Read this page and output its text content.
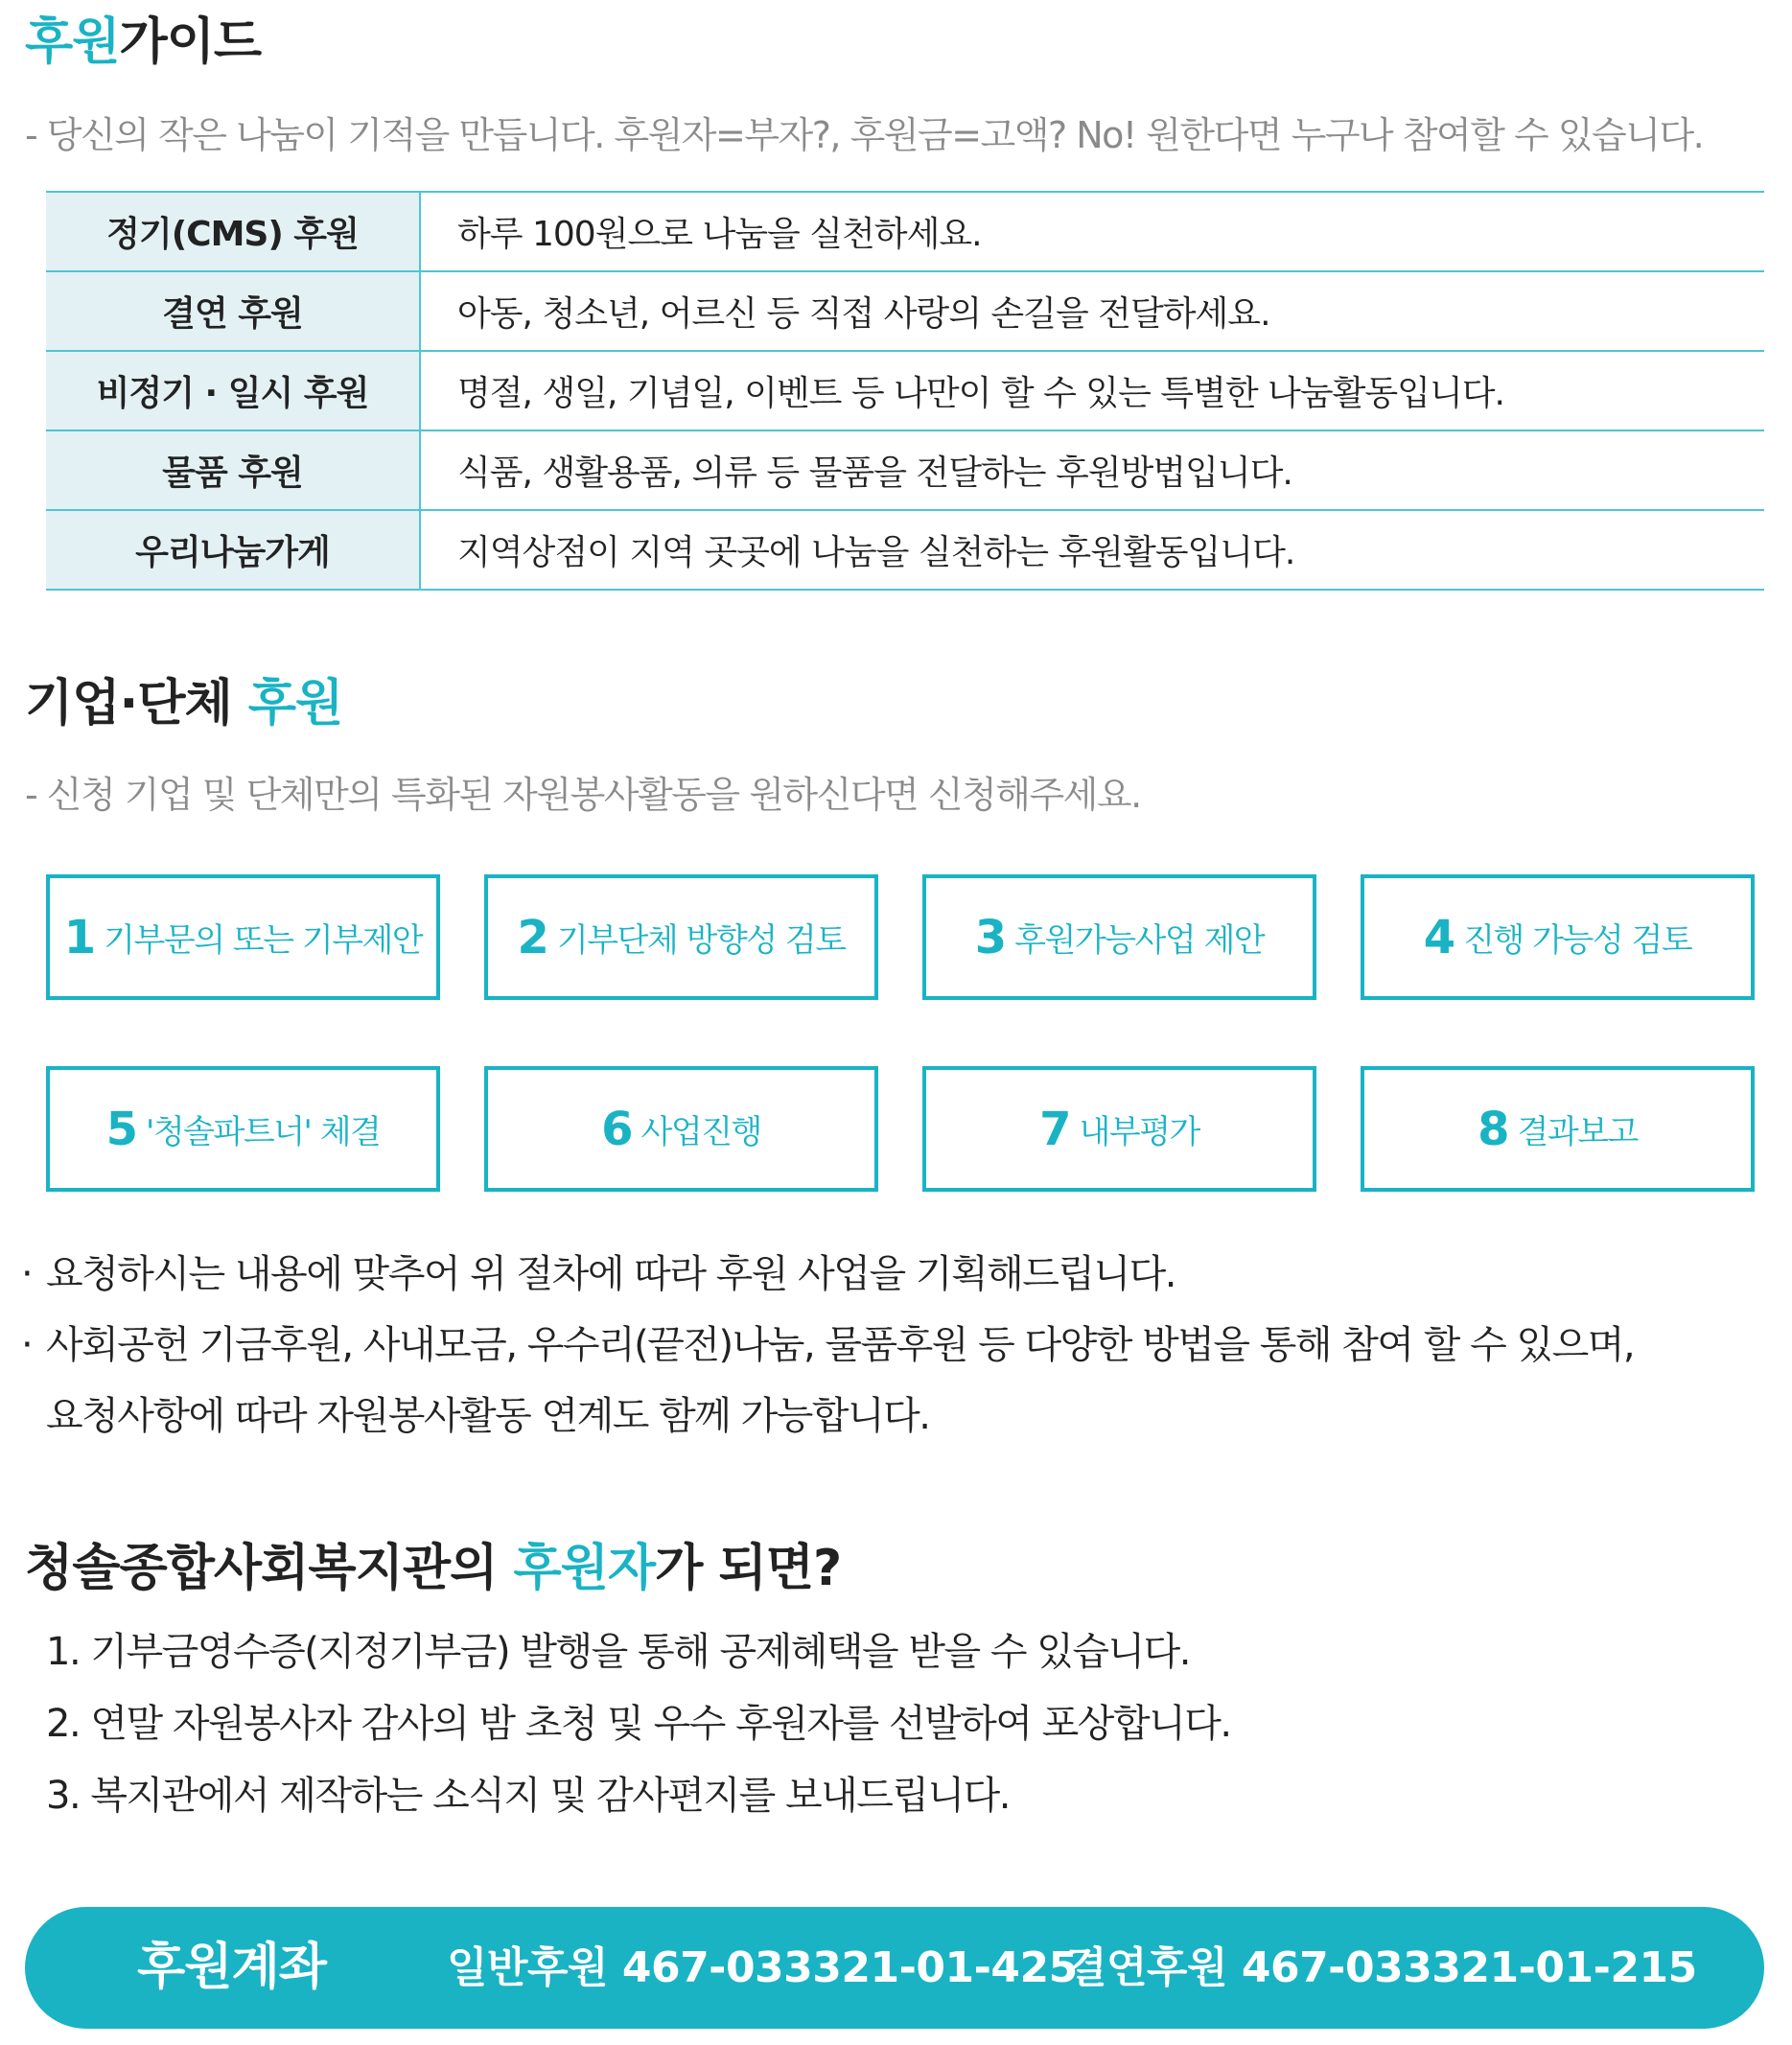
후원가이드

- 당신의 작은 나눔이 기적을 만듭니다. 후원자=부자?, 후원금=고액? No! 원한다면 누구나 참여할 수 있습니다.

정기(CMS) 후원	하루 100원으로 나눔을 실천하세요.
결연 후원	아동, 청소년, 어르신 등 직접 사랑의 손길을 전달하세요.
비정기 · 일시 후원	명절, 생일, 기념일, 이벤트 등 나만이 할 수 있는 특별한 나눔활동입니다.
물품 후원	식품, 생활용품, 의류 등 물품을 전달하는 후원방법입니다.
우리나눔가게	지역상점이 지역 곳곳에 나눔을 실천하는 후원활동입니다.
기업·단체 후원

- 신청 기업 및 단체만의 특화된 자원봉사활동을 원하신다면 신청해주세요.

1 기부문의 또는 기부제안 2 기부단체 방향성 검토	3 후원가능사업 제안	4 진행 가능성 검토
5 '청솔파트너' 체결	6 사업진행	7 내부평가	8 결과보고
· 요청하시는 내용에 맞추어 위 절차에 따라 후원 사업을 기획해드립니다.
· 사회공헌 기금후원, 사내모금, 우수리(끝전)나눔, 물품후원 등 다양한 방법을 통해 참여 할 수 있으며,
요청사항에 따라 자원봉사활동 연계도 함께 가능합니다.
청솔종합사회복지관의 후원자가 되면?
1. 기부금영수증(지정기부금) 발행을 통해 공제혜택을 받을 수 있습니다.
2. 연말 자원봉사자 감사의 밤 초청 및 우수 후원자를 선발하여 포상합니다.
3. 복지관에서 제작하는 소식지 및 감사편지를 보내드립니다.
후원계좌	일반후원 467-033321-01-425
결연후원 467-033321-01-215
